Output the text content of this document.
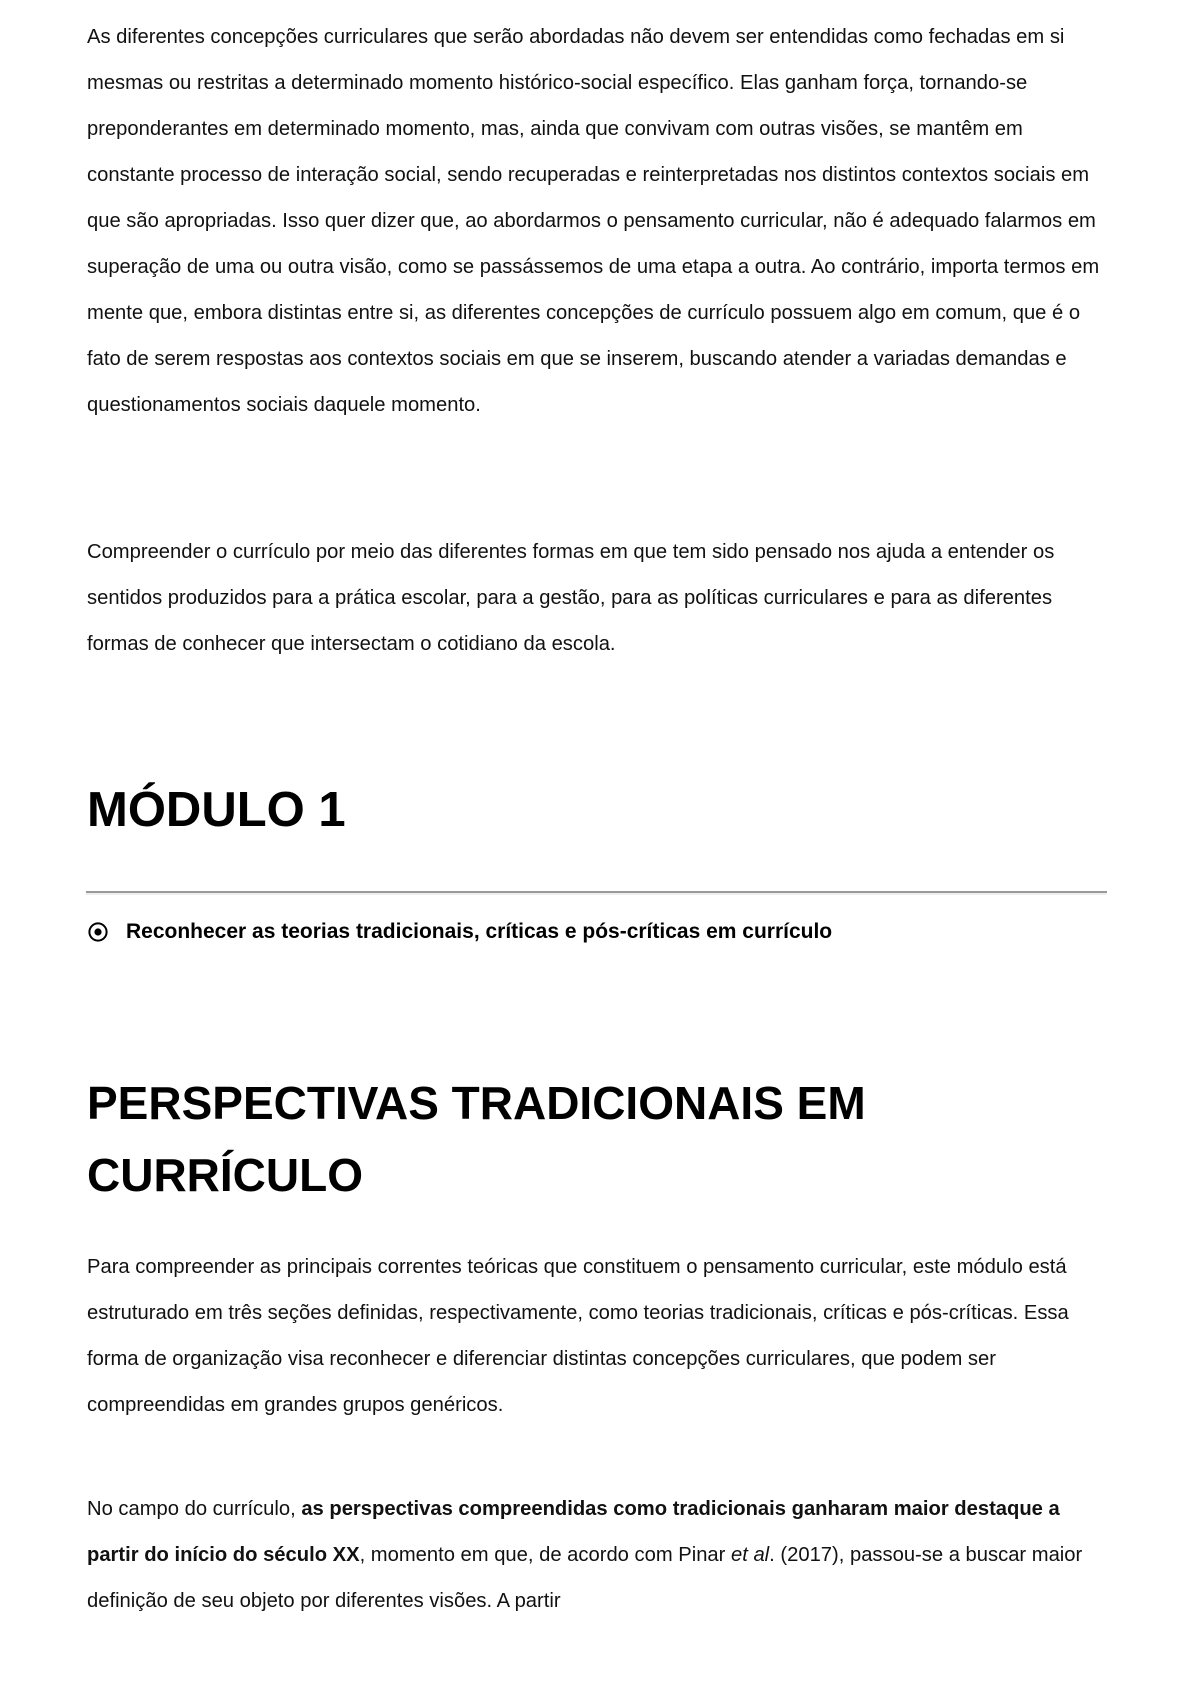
As diferentes concepções curriculares que serão abordadas não devem ser entendidas como fechadas em si mesmas ou restritas a determinado momento histórico-social específico. Elas ganham força, tornando-se preponderantes em determinado momento, mas, ainda que convivam com outras visões, se mantêm em constante processo de interação social, sendo recuperadas e reinterpretadas nos distintos contextos sociais em que são apropriadas. Isso quer dizer que, ao abordarmos o pensamento curricular, não é adequado falarmos em superação de uma ou outra visão, como se passássemos de uma etapa a outra. Ao contrário, importa termos em mente que, embora distintas entre si, as diferentes concepções de currículo possuem algo em comum, que é o fato de serem respostas aos contextos sociais em que se inserem, buscando atender a variadas demandas e questionamentos sociais daquele momento.

Compreender o currículo por meio das diferentes formas em que tem sido pensado nos ajuda a entender os sentidos produzidos para a prática escolar, para a gestão, para as políticas curriculares e para as diferentes formas de conhecer que intersectam o cotidiano da escola.

MÓDULO 1
Reconhecer as teorias tradicionais, críticas e pós-críticas em currículo
PERSPECTIVAS TRADICIONAIS EM CURRÍCULO

Para compreender as principais correntes teóricas que constituem o pensamento curricular, este módulo está estruturado em três seções definidas, respectivamente, como teorias tradicionais, críticas e pós-críticas. Essa forma de organização visa reconhecer e diferenciar distintas concepções curriculares, que podem ser compreendidas em grandes grupos genéricos.

No campo do currículo, as perspectivas compreendidas como tradicionais ganharam maior destaque a partir do início do século XX, momento em que, de acordo com Pinar et al. (2017), passou-se a buscar maior definição de seu objeto por diferentes visões. A partir
